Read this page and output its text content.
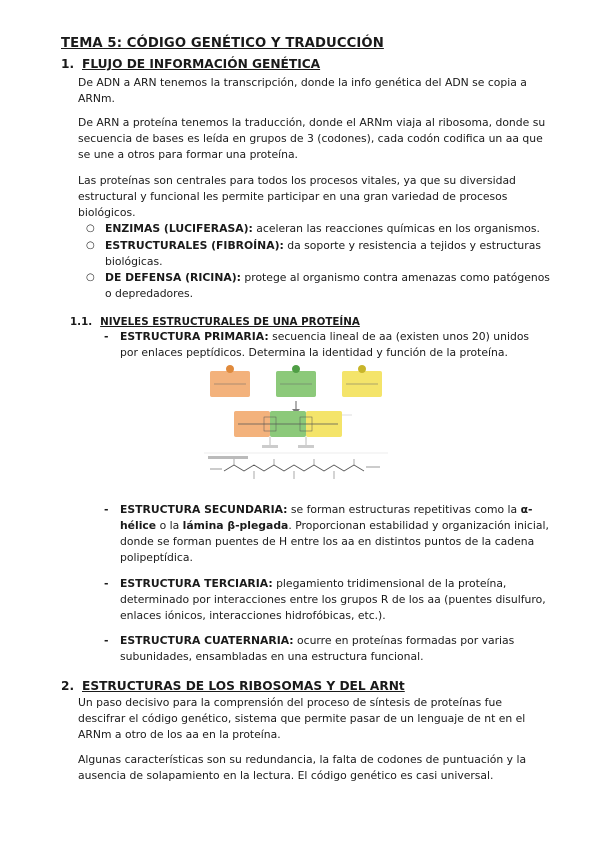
TEMA 5: CÓDIGO GENÉTICO Y TRADUCCIÓN
1. FLUJO DE INFORMACIÓN GENÉTICA
De ADN a ARN tenemos la transcripción, donde la info genética del ADN se copia a ARNm.
De ARN a proteína tenemos la traducción, donde el ARNm viaja al ribosoma, donde su secuencia de bases es leída en grupos de 3 (codones), cada codón codifica un aa que se une a otros para formar una proteína.
Las proteínas son centrales para todos los procesos vitales, ya que su diversidad estructural y funcional les permite participar en una gran variedad de procesos biológicos.
○ ENZIMAS (LUCIFERASA): aceleran las reacciones químicas en los organismos.
○ ESTRUCTURALES (FIBROÍNA): da soporte y resistencia a tejidos y estructuras biológicas.
○ DE DEFENSA (RICINA): protege al organismo contra amenazas como patógenos o depredadores.
1.1. NIVELES ESTRUCTURALES DE UNA PROTEÍNA
- ESTRUCTURA PRIMARIA: secuencia lineal de aa (existen unos 20) unidos por enlaces peptídicos. Determina la identidad y función de la proteína.
- ESTRUCTURA SECUNDARIA: se forman estructuras repetitivas como la α-hélice o la lámina β-plegada. Proporcionan estabilidad y organización inicial, donde se forman puentes de H entre los aa en distintos puntos de la cadena polipeptídica.
- ESTRUCTURA TERCIARIA: plegamiento tridimensional de la proteína, determinado por interacciones entre los grupos R de los aa (puentes disulfuro, enlaces iónicos, interacciones hidrofóbicas, etc.).
- ESTRUCTURA CUATERNARIA: ocurre en proteínas formadas por varias subunidades, ensambladas en una estructura funcional.
2. ESTRUCTURAS DE LOS RIBOSOMAS Y DEL ARNt
Un paso decisivo para la comprensión del proceso de síntesis de proteínas fue descifrar el código genético, sistema que permite pasar de un lenguaje de nt en el ARNm a otro de los aa en la proteína.
Algunas características son su redundancia, la falta de codones de puntuación y la ausencia de solapamiento en la lectura. El código genético es casi universal.
